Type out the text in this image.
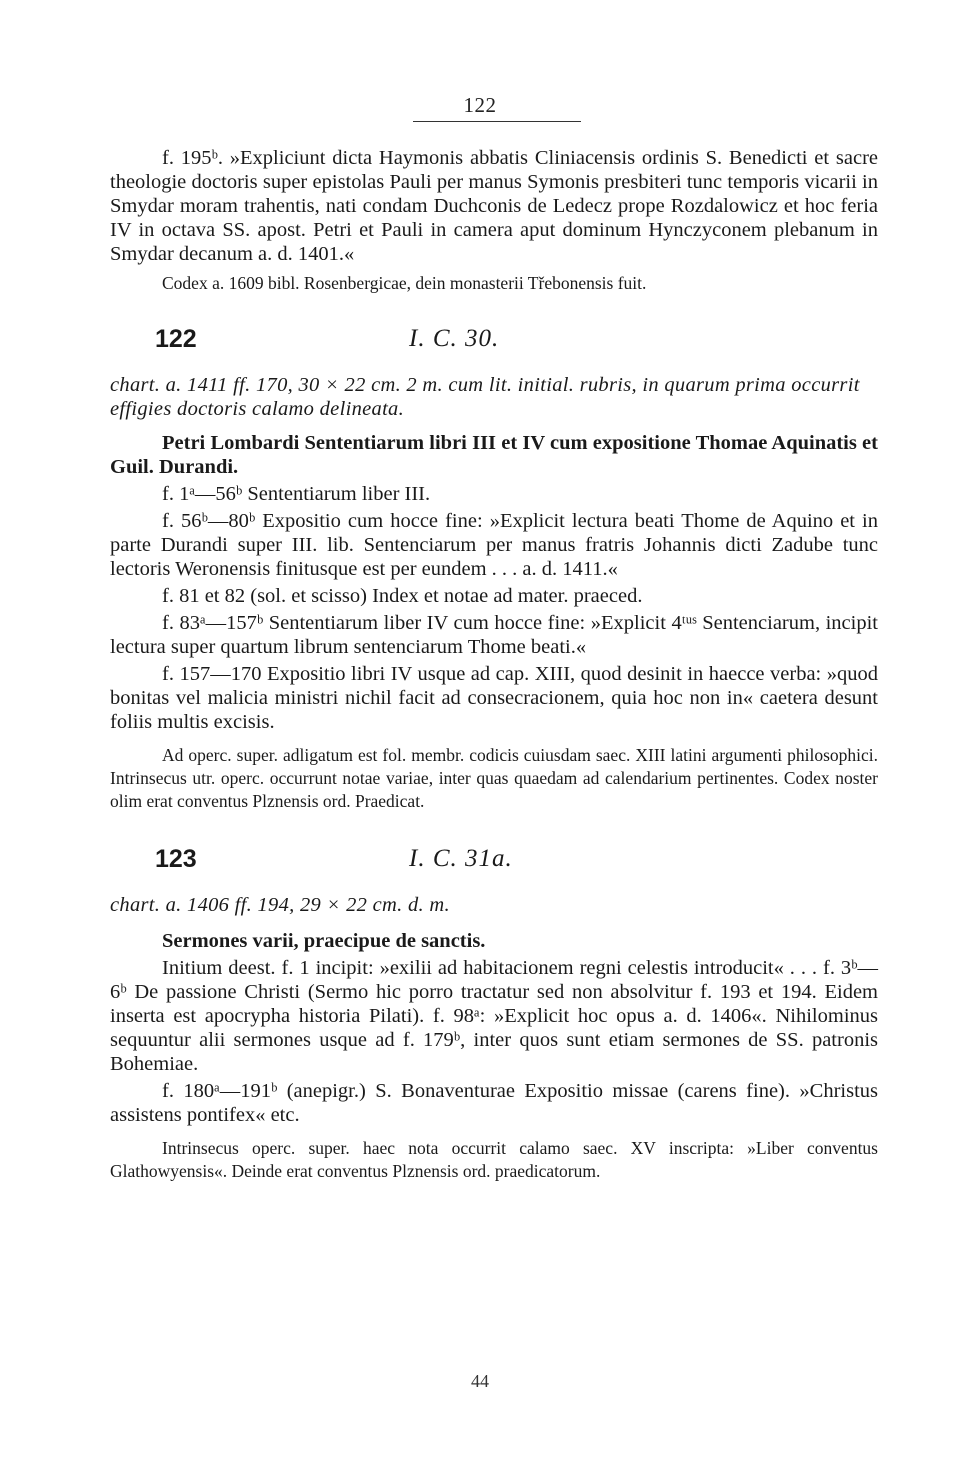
122

f. 195ᵇ. »Expliciunt dicta Haymonis abbatis Cliniacensis ordinis S. Benedicti et sacre theologie doctoris super epistolas Pauli per manus Symonis presbiteri tunc temporis vicarii in Smydar moram trahentis, nati condam Duchconis de Ledecz prope Rozdalowicz et hoc feria IV in octava SS. apost. Petri et Pauli in camera aput dominum Hynczyconem plebanum in Smydar decanum a. d. 1401.«

Codex a. 1609 bibl. Rosenbergicae, dein monasterii Třebonensis fuit.

122	I. C. 30.

chart. a. 1411 ff. 170, 30 × 22 cm. 2 m. cum lit. initial. rubris, in quarum prima occurrit effigies doctoris calamo delineata.

Petri Lombardi Sententiarum libri III et IV cum expositione Thomae Aquinatis et Guil. Durandi.

f. 1ᵃ—56ᵇ Sententiarum liber III.

f. 56ᵇ—80ᵇ Expositio cum hocce fine: »Explicit lectura beati Thome de Aquino et in parte Durandi super III. lib. Sentenciarum per manus fratris Johannis dicti Zadube tunc lectoris Weronensis finitusque est per eundem . . . a. d. 1411.«

f. 81 et 82 (sol. et scisso) Index et notae ad mater. praeced.

f. 83ᵃ—157ᵇ Sententiarum liber IV cum hocce fine: »Explicit 4ᵗᵘˢ Sentenciarum, incipit lectura super quartum librum sentenciarum Thome beati.«

f. 157—170 Expositio libri IV usque ad cap. XIII, quod desinit in haecce verba: »quod bonitas vel malicia ministri nichil facit ad consecracionem, quia hoc non in« caetera desunt foliis multis excisis.

Ad operc. super. adligatum est fol. membr. codicis cuiusdam saec. XIII latini argumenti philosophici. Intrinsecus utr. operc. occurrunt notae variae, inter quas quaedam ad calendarium pertinentes. Codex noster olim erat conventus Plznensis ord. Praedicat.

123	I. C. 31a.

chart. a. 1406 ff. 194, 29 × 22 cm. d. m.

Sermones varii, praecipue de sanctis.

Initium deest. f. 1 incipit: »exilii ad habitacionem regni celestis introducit« . . . f. 3ᵇ—6ᵇ De passione Christi (Sermo hic porro tractatur sed non absolvitur f. 193 et 194. Eidem inserta est apocrypha historia Pilati). f. 98ᵃ: »Explicit hoc opus a. d. 1406«. Nihilominus sequuntur alii sermones usque ad f. 179ᵇ, inter quos sunt etiam sermones de SS. patronis Bohemiae.

f. 180ᵃ—191ᵇ (anepigr.) S. Bonaventurae Expositio missae (carens fine). »Christus assistens pontifex« etc.

Intrinsecus operc. super. haec nota occurrit calamo saec. XV inscripta: »Liber conventus Glathowyensis«. Deinde erat conventus Plznensis ord. praedicatorum.

44
